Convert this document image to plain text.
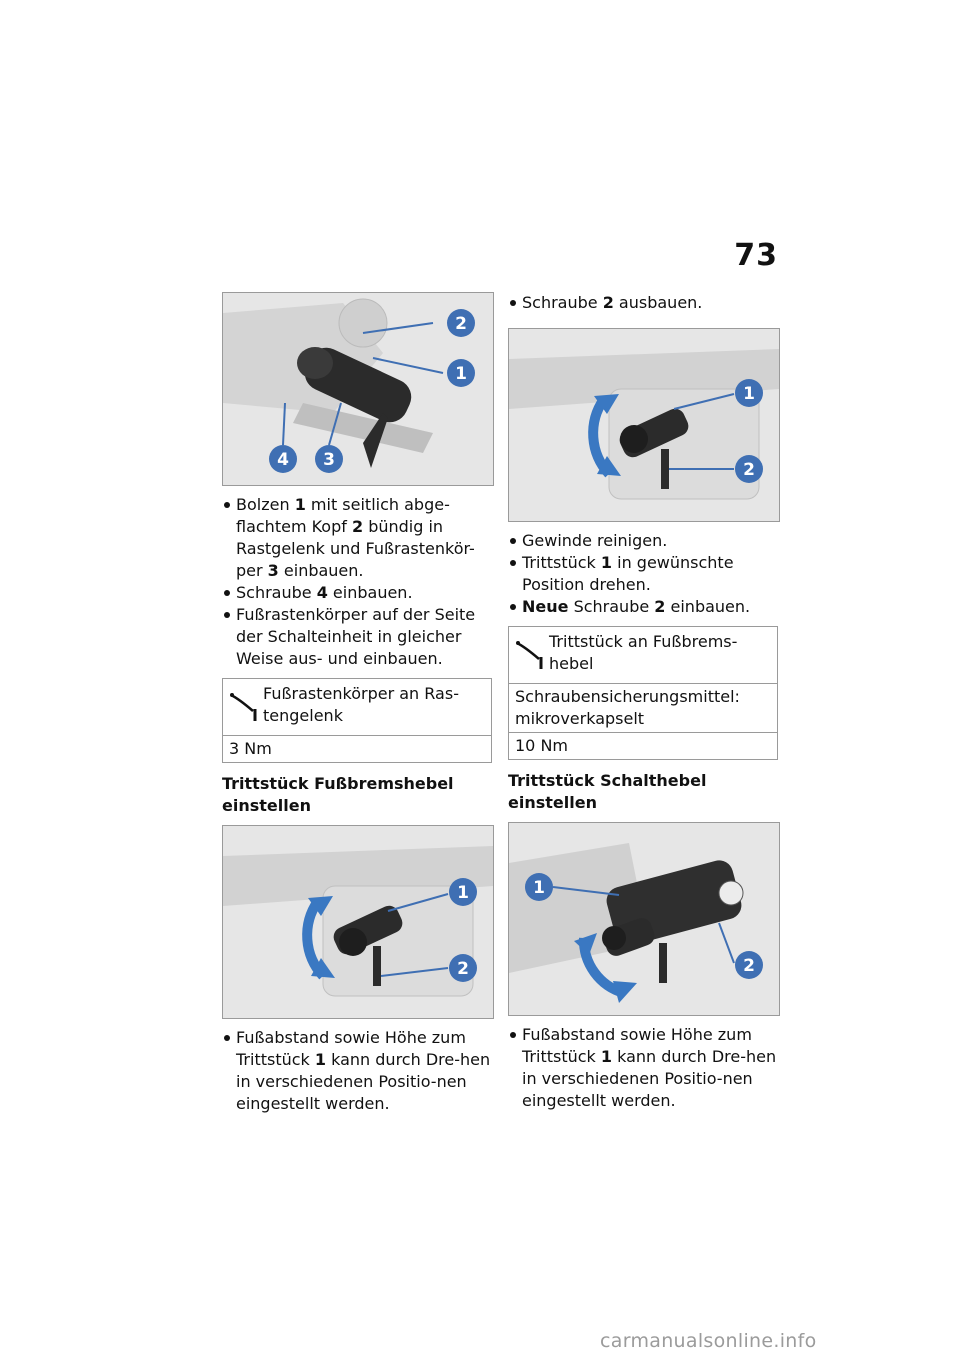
73
2
1
4 3
Bolzen 1 mit seitlich abge-flachtem Kopf 2 bündig in Rastgelenk und Fußrastenkör-per 3 einbauen.
Schraube 4 einbauen.
Fußrastenkörper auf der Seite der Schalteinheit in gleicher Weise aus- und einbauen.
Fußrastenkörper an Ras-tengelenk
3 Nm
Trittstück Fußbremshebel einstellen
1
2
Fußabstand sowie Höhe zum Trittstück 1 kann durch Dre-hen in verschiedenen Positio-nen eingestellt werden.
Schraube 2 ausbauen.
1
2
Gewinde reinigen.
Trittstück 1 in gewünschte Position drehen.
Neue Schraube 2 einbauen.
Trittstück an Fußbrems-hebel
Schraubensicherungsmittel: mikroverkapselt
10 Nm
Trittstück Schalthebel einstellen
1
2
Fußabstand sowie Höhe zum Trittstück 1 kann durch Dre-hen in verschiedenen Positio-nen eingestellt werden.
carmanualsonline.info
